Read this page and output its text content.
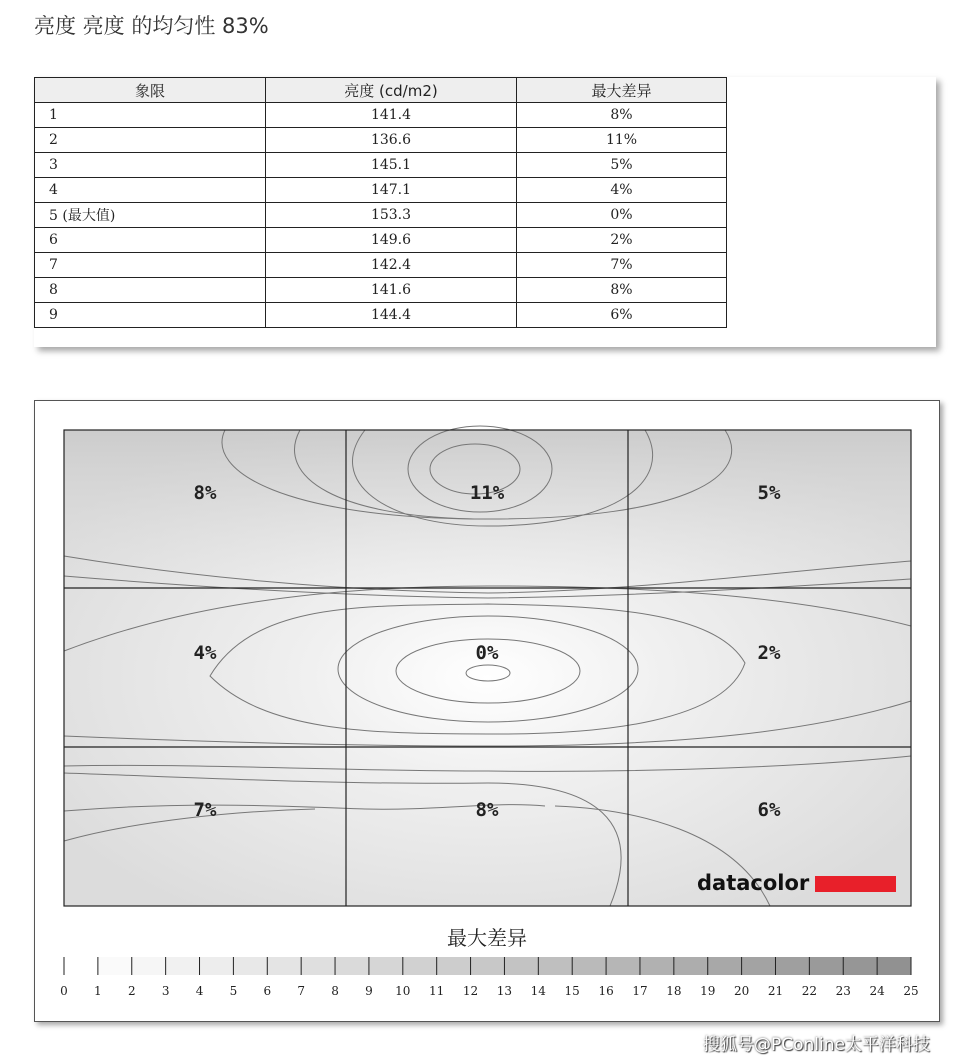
亮度 亮度 的均匀性 83%
象限	亮度 (cd/m2)	最大差异
1	141.4	8%
2	136.6	11%
3	145.1	5%
4	147.1	4%
5 (最大值)	153.3	0%
6	149.6	2%
7	142.4	7%
8	141.6	8%
9	144.4	6%
8%	11%	5%
4%	0%	2%
7%	8%	6%
datacolor
最大差异
0 1 2 3 4 5 6 7 8 9 10 11 12 13 14 15 16 17 18 19 20 21 22 23 24 25
搜狐号@PConline太平洋科技
